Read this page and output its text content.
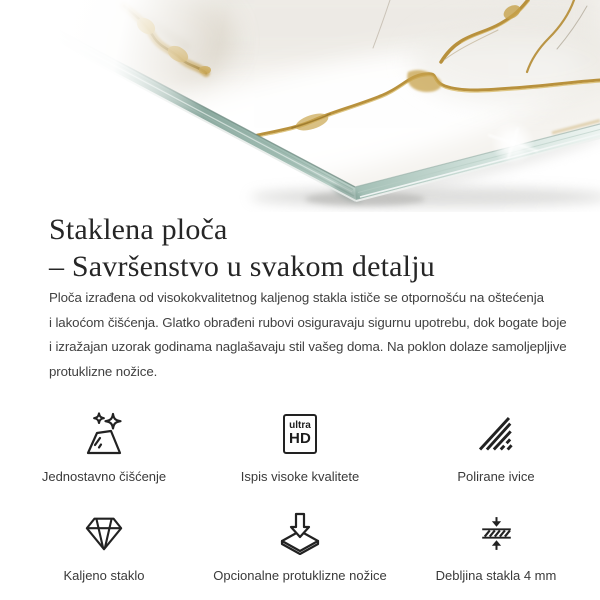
Staklena ploča
– Savršenstvo u svakom detalju
Ploča izrađena od visokokvalitetnog kaljenog stakla ističe se otpornošću na oštećenja
i lakoćom čišćenja. Glatko obrađeni rubovi osiguravaju sigurnu upotrebu, dok bogate boje
i izražajan uzorak godinama naglašavaju stil vašeg doma. Na poklon dolaze samoljepljive
protuklizne nožice.
Jednostavno čišćenje
ultra
HD
Ispis visoke kvalitete	Polirane ivice
Kaljeno staklo	Opcionalne protuklizne nožice	Debljina stakla 4 mm
